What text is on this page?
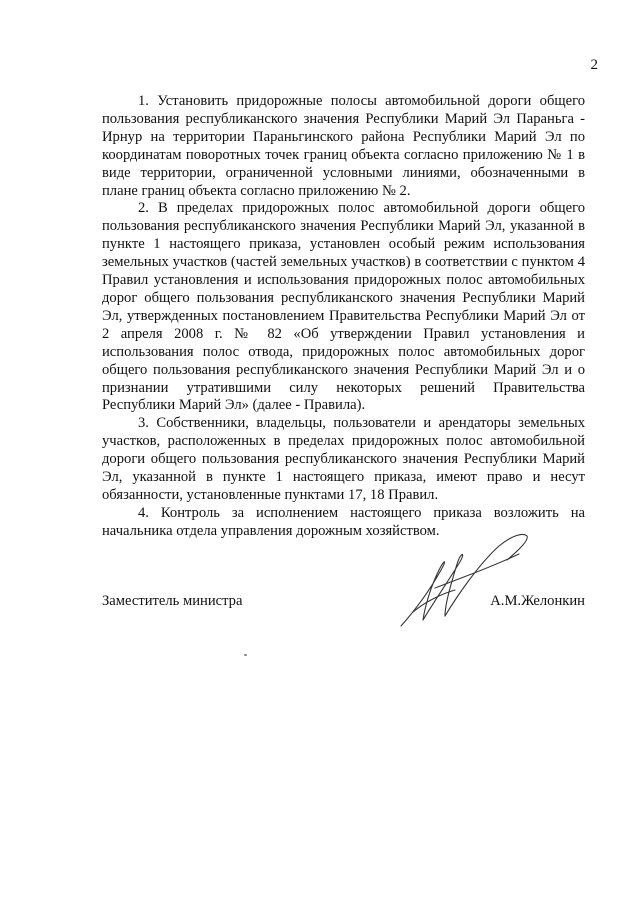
2

1. Установить придорожные полосы автомобильной дороги общего пользования республиканского значения Республики Марий Эл Параньга - Ирнур на территории Параньгинского района Республики Марий Эл по координатам поворотных точек границ объекта согласно приложению № 1 в виде территории, ограниченной условными линиями, обозначенными в плане границ объекта согласно приложению № 2.

2. В пределах придорожных полос автомобильной дороги общего пользования республиканского значения Республики Марий Эл, указанной в пункте 1 настоящего приказа, установлен особый режим использования земельных участков (частей земельных участков) в соответствии с пунктом 4 Правил установления и использования придорожных полос автомобильных дорог общего пользования республиканского значения Республики Марий Эл, утвержденных постановлением Правительства Республики Марий Эл от 2 апреля 2008 г. № 82 «Об утверждении Правил установления и использования полос отвода, придорожных полос автомобильных дорог общего пользования республиканского значения Республики Марий Эл и о признании утратившими силу некоторых решений Правительства Республики Марий Эл» (далее - Правила).

3. Собственники, владельцы, пользователи и арендаторы земельных участков, расположенных в пределах придорожных полос автомобильной дороги общего пользования республиканского значения Республики Марий Эл, указанной в пункте 1 настоящего приказа, имеют право и несут обязанности, установленные пунктами 17, 18 Правил.

4. Контроль за исполнением настоящего приказа возложить на начальника отдела управления дорожным хозяйством.

Заместитель министра	А.М.Желонкин
